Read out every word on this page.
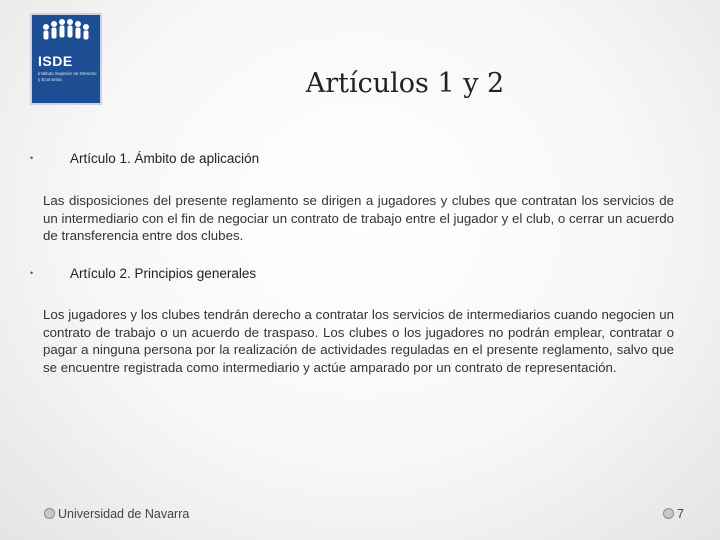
ISDE
Instituto Superior de Derecho y Economía	Artículos 1 y 2
•	Artículo 1. Ámbito de aplicación
Las disposiciones del presente reglamento se dirigen a jugadores y clubes que contratan los servicios de un intermediario con el fin de negociar un contrato de trabajo entre el jugador y el club, o cerrar un acuerdo de transferencia entre dos clubes.
•	Artículo 2. Principios generales
Los jugadores y los clubes tendrán derecho a contratar los servicios de intermediarios cuando negocien un contrato de trabajo o un acuerdo de traspaso. Los clubes o los jugadores no podrán emplear, contratar o pagar a ninguna persona por la realización de actividades reguladas en el presente reglamento, salvo que se encuentre registrada como intermediario y actúe amparado por un contrato de representación.
Universidad de Navarra	7
